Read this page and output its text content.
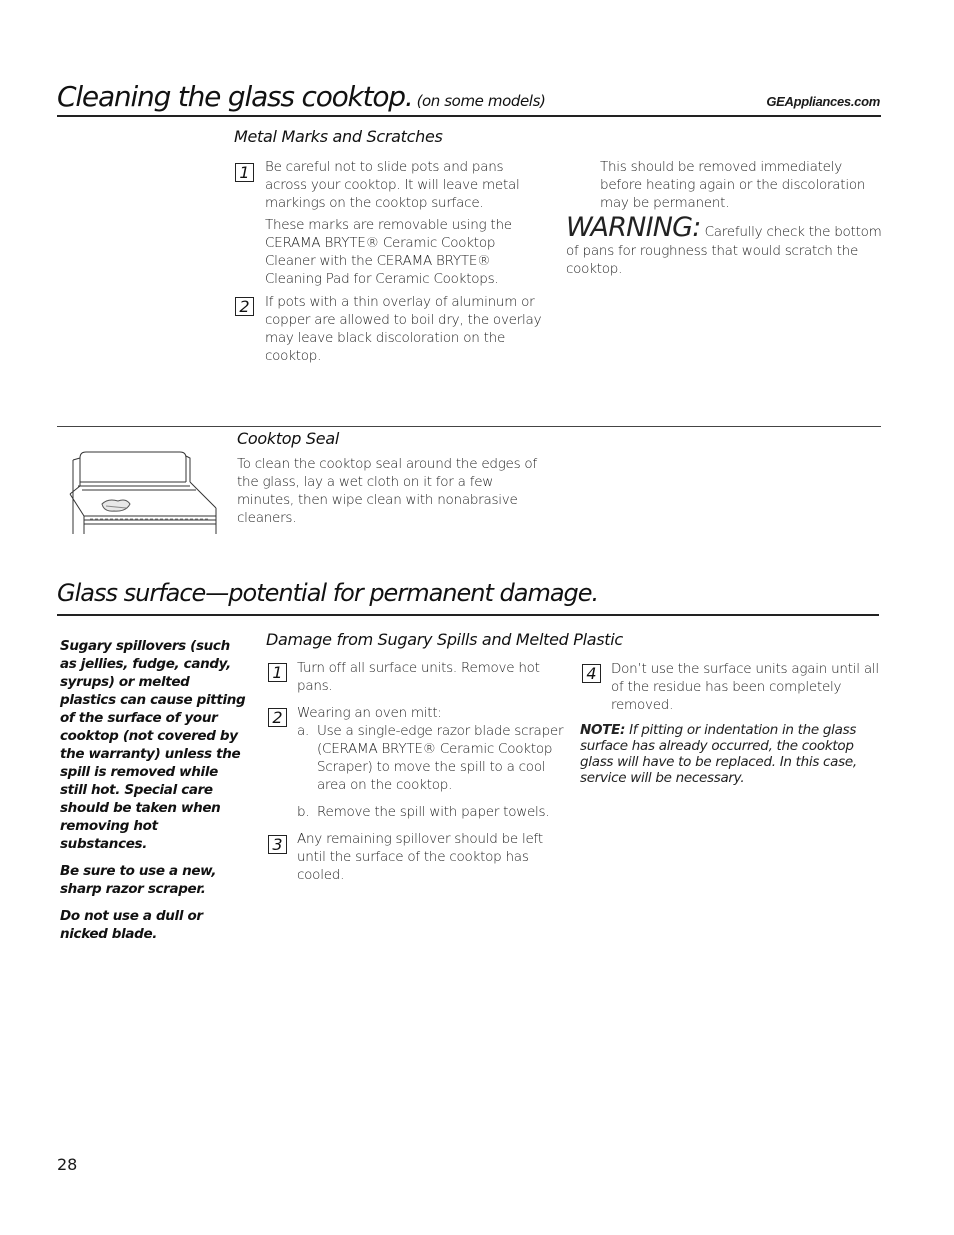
Cleaning the glass cooktop. (on some models)	GEAppliances.com
Metal Marks and Scratches
1	Be careful not to slide pots and pans across your cooktop. It will leave metal markings on the cooktop surface.

These marks are removable using the CERAMA BRYTE® Ceramic Cooktop Cleaner with the CERAMA BRYTE® Cleaning Pad for Ceramic Cooktops.

2	If pots with a thin overlay of aluminum or copper are allowed to boil dry, the overlay may leave black discoloration on the cooktop.
This should be removed immediately before heating again or the discoloration may be permanent.
WARNING: Carefully check the bottom of pans for roughness that would scratch the cooktop.
Cooktop Seal
To clean the cooktop seal around the edges of the glass, lay a wet cloth on it for a few minutes, then wipe clean with nonabrasive cleaners.
Glass surface—potential for permanent damage.

Sugary spillovers (such as jellies, fudge, candy, syrups) or melted plastics can cause pitting of the surface of your cooktop (not covered by the warranty) unless the spill is removed while still hot. Special care should be taken when removing hot substances.

Be sure to use a new, sharp razor scraper.

Do not use a dull or nicked blade.

Damage from Sugary Spills and Melted Plastic
1	Turn off all surface units. Remove hot pans.
2	Wearing an oven mitt:
a. Use a single-edge razor blade scraper (CERAMA BRYTE® Ceramic Cooktop Scraper) to move the spill to a cool area on the cooktop.
b. Remove the spill with paper towels.
3	Any remaining spillover should be left until the surface of the cooktop has cooled.
4	Don’t use the surface units again until all of the residue has been completely removed.
NOTE: If pitting or indentation in the glass surface has already occurred, the cooktop glass will have to be replaced. In this case, service will be necessary.
28
